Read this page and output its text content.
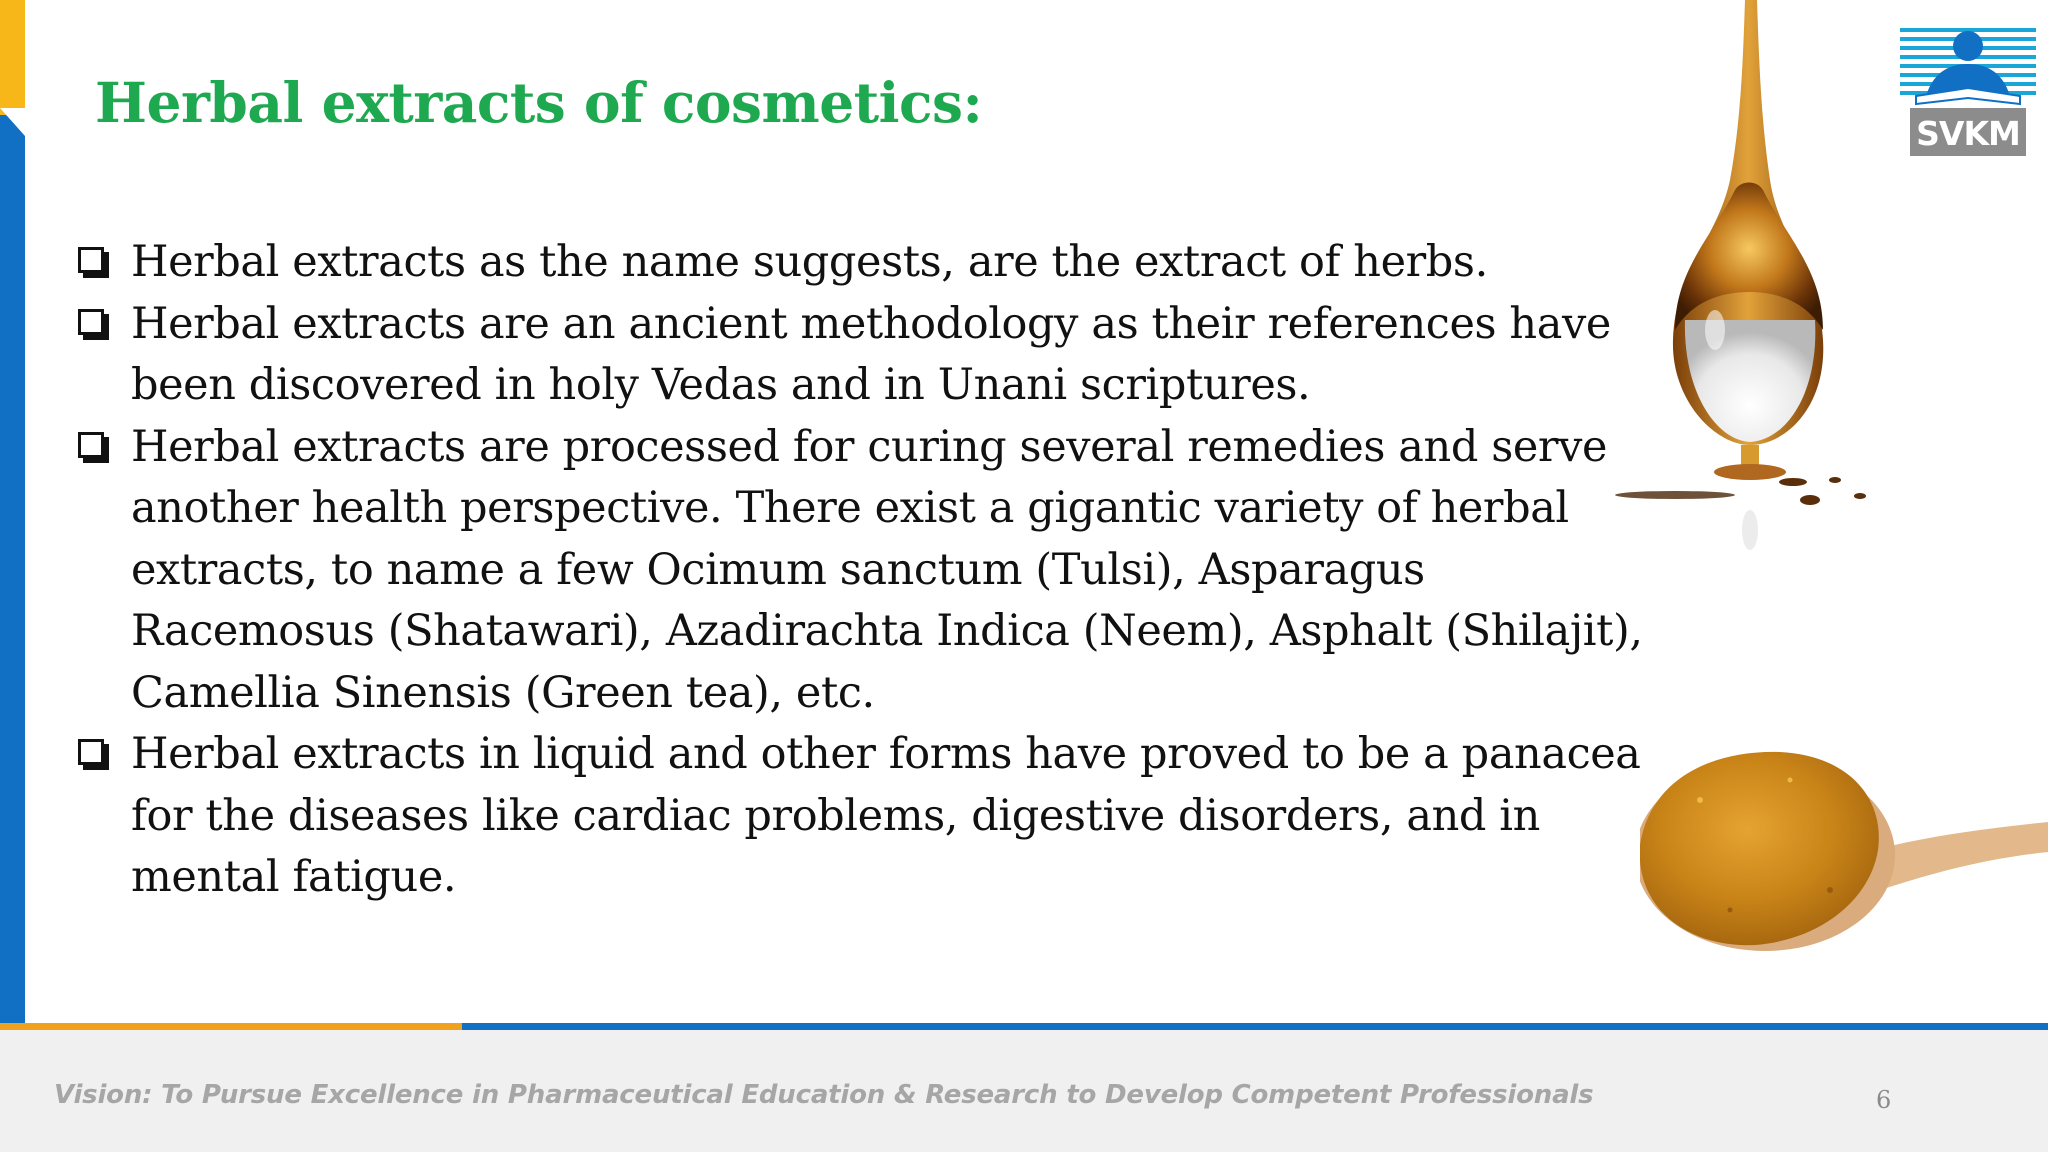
Herbal extracts of cosmetics:
Herbal extracts as the name suggests, are the extract of herbs.
Herbal extracts are an ancient methodology as their references have
been discovered in holy Vedas and in Unani scriptures.
Herbal extracts are processed for curing several remedies and serve
another health perspective. There exist a gigantic variety of herbal
extracts, to name a few Ocimum sanctum (Tulsi), Asparagus
Racemosus (Shatawari), Azadirachta Indica (Neem), Asphalt (Shilajit),
Camellia Sinensis (Green tea), etc.
Herbal extracts in liquid and other forms have proved to be a panacea
for the diseases like cardiac problems, digestive disorders, and in
mental fatigue.
SVKM
Vision: To Pursue Excellence in Pharmaceutical Education & Research to Develop Competent Professionals	6
